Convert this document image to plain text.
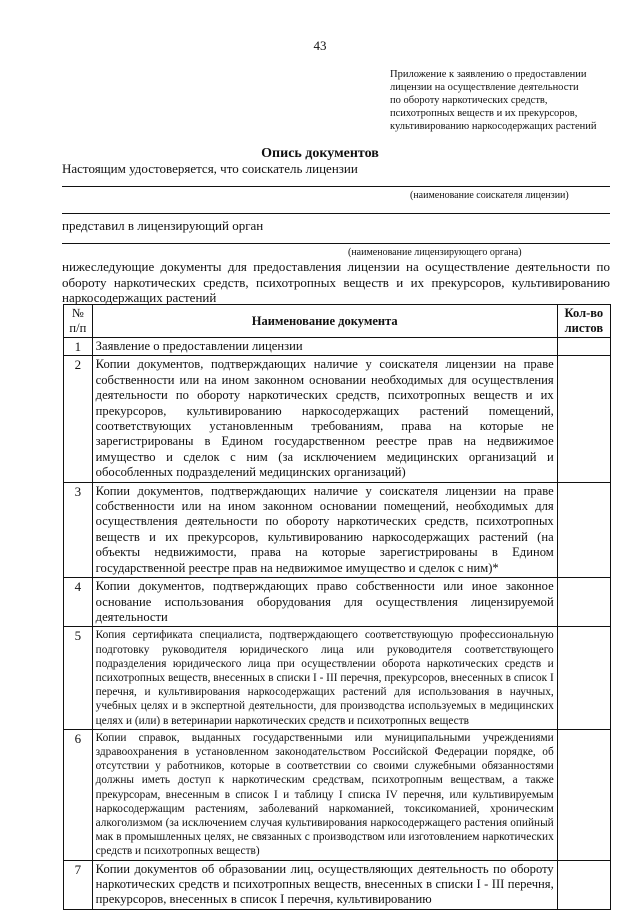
43
Приложение к заявлению о предоставлении
лицензии на осуществление деятельности
по обороту наркотических средств,
психотропных веществ и их прекурсоров,
культивированию наркосодержащих растений
Опись документов
Настоящим удостоверяется, что соискатель лицензии
(наименование соискателя лицензии)
представил в лицензирующий орган
(наименование лицензирующего органа)
нижеследующие документы для предоставления лицензии на осуществление деятельности по обороту наркотических средств, психотропных веществ и их прекурсоров, культивированию наркосодержащих растений
№ п/п	Наименование документа	Кол-во листов
1	Заявление о предоставлении лицензии	
2	Копии документов, подтверждающих наличие у соискателя лицензии на праве собственности или на ином законном основании необходимых для осуществления деятельности по обороту наркотических средств, психотропных веществ и их прекурсоров, культивированию наркосодержащих растений помещений, соответствующих установленным требованиям, права на которые не зарегистрированы в Едином государственном реестре прав на недвижимое имущество и сделок с ним (за исключением медицинских организаций и обособленных подразделений медицинских организаций)	
3	Копии документов, подтверждающих наличие у соискателя лицензии на праве собственности или на ином законном основании помещений, необходимых для осуществления деятельности по обороту наркотических средств, психотропных веществ и их прекурсоров, культивированию наркосодержащих растений (на объекты недвижимости, права на которые зарегистрированы в Едином государственной реестре прав на недвижимое имущество и сделок с ним)*	
4	Копии документов, подтверждающих право собственности или иное законное основание использования оборудования для осуществления лицензируемой деятельности	
5	Копия сертификата специалиста, подтверждающего соответствующую профессиональную подготовку руководителя юридического лица или руководителя соответствующего подразделения юридического лица при осуществлении оборота наркотических средств и психотропных веществ, внесенных в списки I - III перечня, прекурсоров, внесенных в список I перечня, и культивирования наркосодержащих растений для использования в научных, учебных целях и в экспертной деятельности, для производства используемых в медицинских целях и (или) в ветеринарии наркотических средств и психотропных веществ	
6	Копии справок, выданных государственными или муниципальными учреждениями здравоохранения в установленном законодательством Российской Федерации порядке, об отсутствии у работников, которые в соответствии со своими служебными обязанностями должны иметь доступ к наркотическим средствам, психотропным веществам, а также прекурсорам, внесенным в список I и таблицу I списка IV перечня, или культивируемым наркосодержащим растениям, заболеваний наркоманией, токсикоманией, хроническим алкоголизмом (за исключением случая культивирования наркосодержащего растения опийный мак в промышленных целях, не связанных с производством или изготовлением наркотических средств и психотропных веществ)	
7	Копии документов об образовании лиц, осуществляющих деятельность по обороту наркотических средств и психотропных веществ, внесенных в списки I - III перечня, прекурсоров, внесенных в список I перечня, культивированию	
